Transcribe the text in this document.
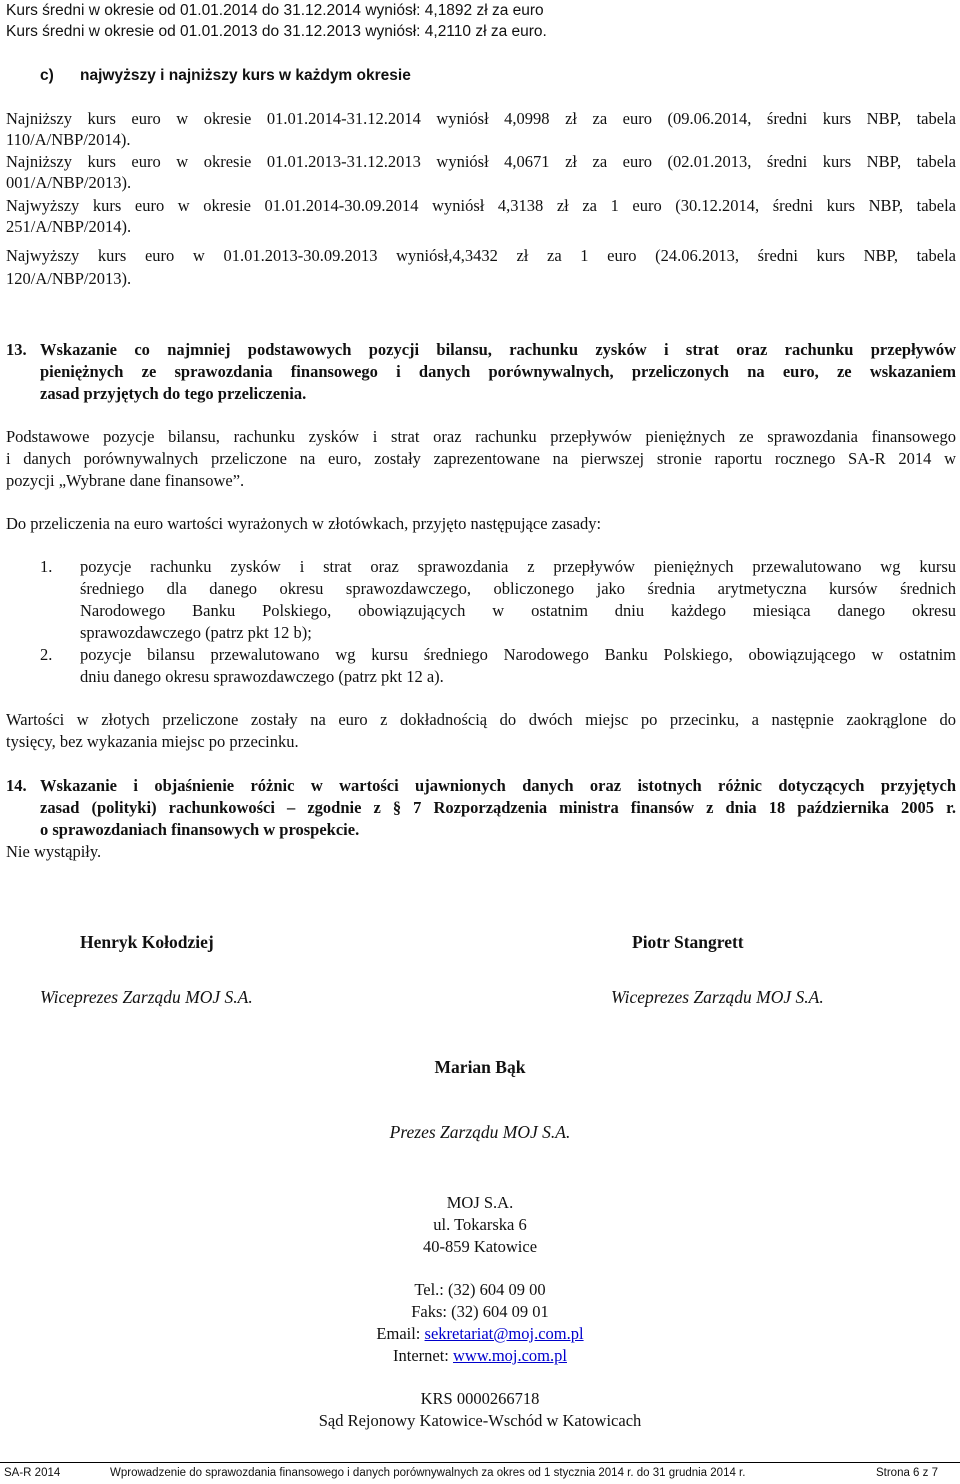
Kurs średni w okresie od 01.01.2014 do 31.12.2014 wyniósł: 4,1892 zł za euro
Kurs średni w okresie od 01.01.2013 do 31.12.2013 wyniósł: 4,2110 zł za euro.
c) najwyższy i najniższy kurs w każdym okresie
Najniższy kurs euro w okresie 01.01.2014-31.12.2014 wyniósł 4,0998 zł za euro (09.06.2014, średni kurs NBP, tabela
110/A/NBP/2014).
Najniższy kurs euro w okresie 01.01.2013-31.12.2013 wyniósł 4,0671 zł za euro (02.01.2013, średni kurs NBP, tabela
001/A/NBP/2013).
Najwyższy kurs euro w okresie 01.01.2014-30.09.2014 wyniósł 4,3138 zł za 1 euro (30.12.2014, średni kurs NBP, tabela
251/A/NBP/2014).
Najwyższy kurs euro w 01.01.2013-30.09.2013 wyniósł,4,3432 zł za 1 euro (24.06.2013, średni kurs NBP, tabela
120/A/NBP/2013).
13. Wskazanie co najmniej podstawowych pozycji bilansu, rachunku zysków i strat oraz rachunku przepływów
pieniężnych ze sprawozdania finansowego i danych porównywalnych, przeliczonych na euro, ze wskazaniem
zasad przyjętych do tego przeliczenia.
Podstawowe pozycje bilansu, rachunku zysków i strat oraz rachunku przepływów pieniężnych ze sprawozdania finansowego
i danych porównywalnych przeliczone na euro, zostały zaprezentowane na pierwszej stronie raportu rocznego SA-R 2014 w
pozycji „Wybrane dane finansowe”.
Do przeliczenia na euro wartości wyrażonych w złotówkach, przyjęto następujące zasady:
1. pozycje rachunku zysków i strat oraz sprawozdania z przepływów pieniężnych przewalutowano wg kursu
średniego dla danego okresu sprawozdawczego, obliczonego jako średnia arytmetyczna kursów średnich
Narodowego Banku Polskiego, obowiązujących w ostatnim dniu każdego miesiąca danego okresu
sprawozdawczego (patrz pkt 12 b);
2. pozycje bilansu przewalutowano wg kursu średniego Narodowego Banku Polskiego, obowiązującego w ostatnim
dniu danego okresu sprawozdawczego (patrz pkt 12 a).
Wartości w złotych przeliczone zostały na euro z dokładnością do dwóch miejsc po przecinku, a następnie zaokrąglone do
tysięcy, bez wykazania miejsc po przecinku.
14. Wskazanie i objaśnienie różnic w wartości ujawnionych danych oraz istotnych różnic dotyczących przyjętych
zasad (polityki) rachunkowości – zgodnie z § 7 Rozporządzenia ministra finansów z dnia 18 października 2005 r.
o sprawozdaniach finansowych w prospekcie.
Nie wystąpiły.
Henryk Kołodziej	Piotr Stangrett
Wiceprezes Zarządu MOJ S.A.	Wiceprezes Zarządu MOJ S.A.
Marian Bąk
Prezes Zarządu MOJ S.A.
MOJ S.A.
ul. Tokarska 6
40-859 Katowice
Tel.: (32) 604 09 00
Faks: (32) 604 09 01
Email: sekretariat@moj.com.pl
Internet: www.moj.com.pl
KRS 0000266718
Sąd Rejonowy Katowice-Wschód w Katowicach
SA-R 2014	Wprowadzenie do sprawozdania finansowego i danych porównywalnych za okres od 1 stycznia 2014 r. do 31 grudnia 2014 r.	Strona 6 z 7
